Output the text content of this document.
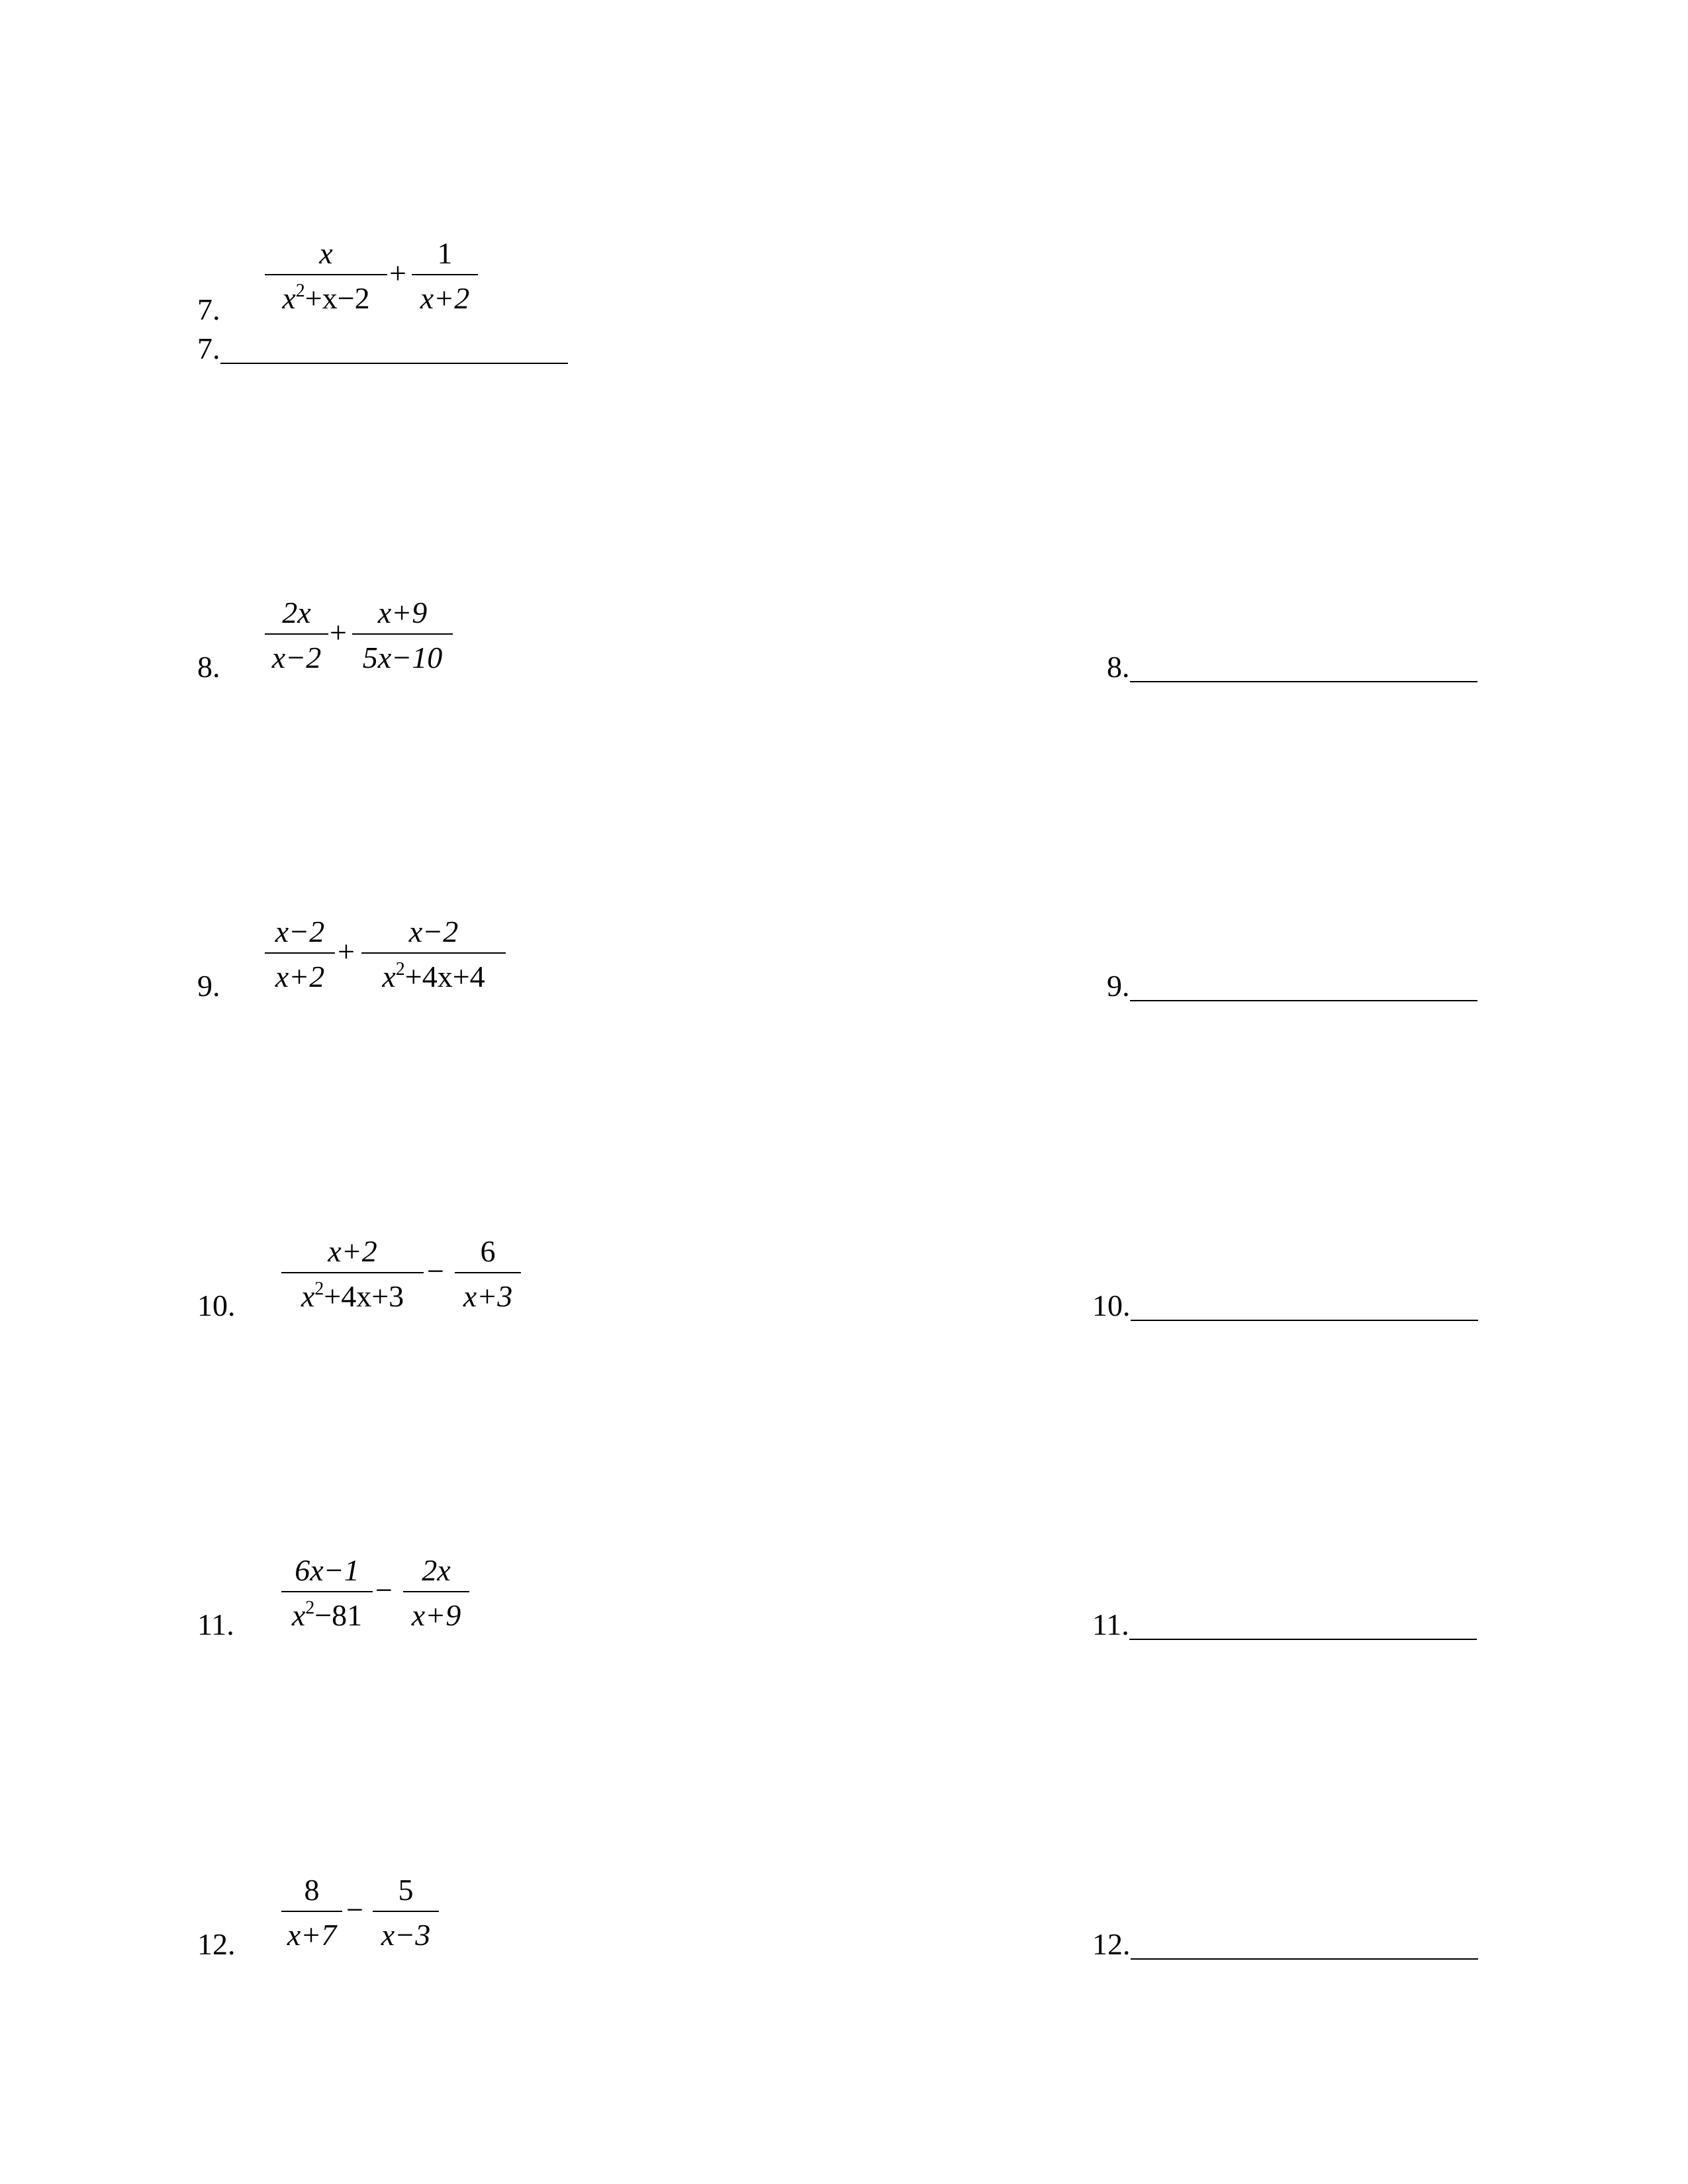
7.
x
$x^2+x-2$
+
1
x+2
7.
8.
2x
x−2
+
x+9
5x−10	8.
9.
x−2
x+2
+
x−2
$x^2+4x+4$	9.
10.
x+2
$x^2+4x+3$
−
6
x+3	10.
11.
6x−1
$x^2-81$
−
2x
x+9	11.
12.
8
x+7
−
5
x−3	12.
